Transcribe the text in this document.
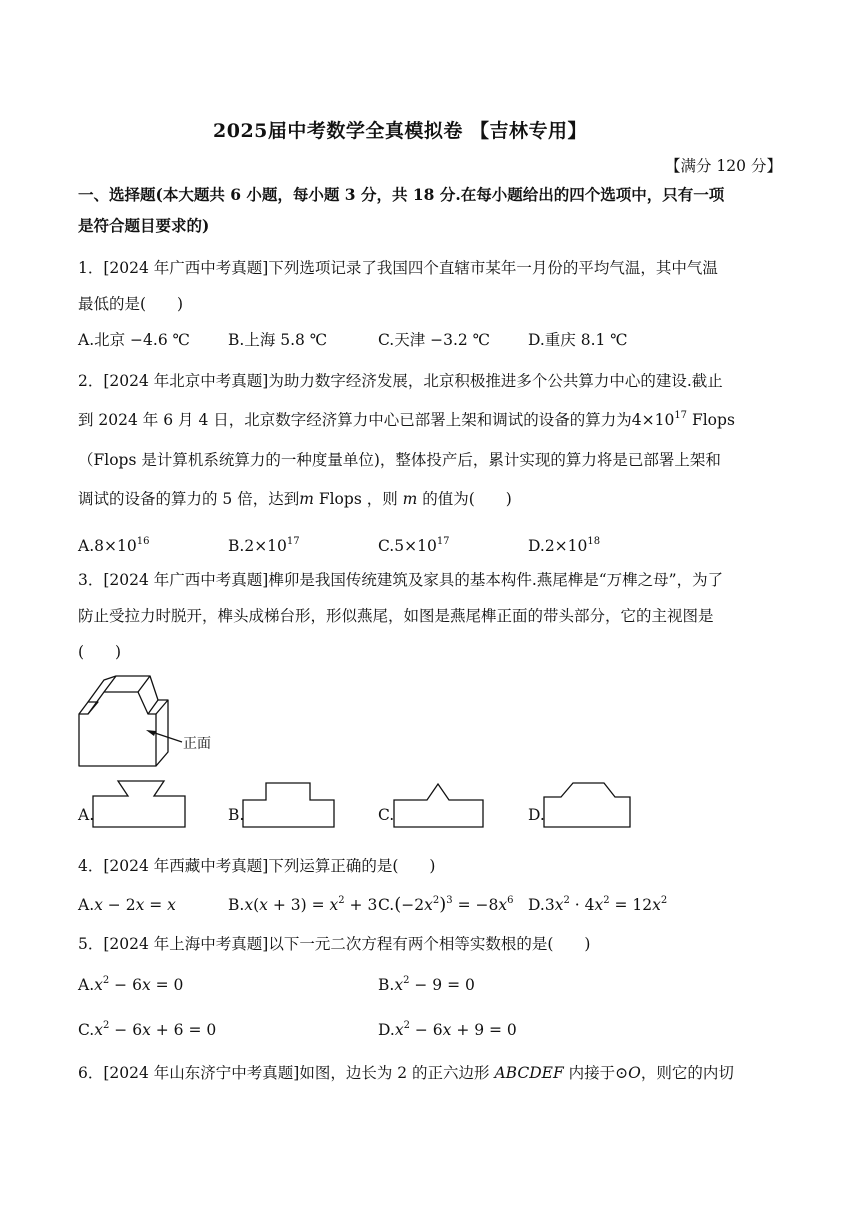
2025届中考数学全真模拟卷 【吉林专用】
【满分 120 分】
一、选择题(本大题共 6 小题，每小题 3 分，共 18 分.在每小题给出的四个选项中，只有一项
是符合题目要求的)
1．[2024 年广西中考真题]下列选项记录了我国四个直辖市某年一月份的平均气温，其中气温
最低的是(　　)
A.北京 −4.6 ℃ B.上海 5.8 ℃	C.天津 −3.2 ℃ D.重庆 8.1 ℃
2．[2024 年北京中考真题]为助力数字经济发展，北京积极推进多个公共算力中心的建设.截止
到 2024 年 6 月 4 日，北京数字经济算力中心已部署上架和调试的设备的算力为$4\times 10^{17}$ Flops
（Flops 是计算机系统算力的一种度量单位)，整体投产后，累计实现的算力将是已部署上架和
调试的设备的算力的 5 倍，达到m Flops ，则 m 的值为(　　)
$A.8\times 10^{16}$	$B.2\times 10^{17}$	$C.5\times 10^{17}$	$D.2\times 10^{18}$
3．[2024 年广西中考真题]榫卯是我国传统建筑及家具的基本构件.燕尾榫是“万榫之母”，为了
防止受拉力时脱开，榫头成梯台形，形似燕尾，如图是燕尾榫正面的带头部分，它的主视图是
(　　)
正面
A.	B.	C.	D.
4．[2024 年西藏中考真题]下列运算正确的是(　　)
A.x − 2x = x	$B.x(x + 3) = x^2 + 3$ $C.(-2x^2)^3 = -8x^6$ $D.3x^2 \cdot 4x^2 = 12x^2$
5．[2024 年上海中考真题]以下一元二次方程有两个相等实数根的是(　　)
$A.x^2 - 6x = 0$	$B.x^2 - 9 = 0$
$C.x^2 - 6x + 6 = 0$	$D.x^2 - 6x + 9 = 0$
6．[2024 年山东济宁中考真题]如图，边长为 2 的正六边形 ABCDEF 内接于⊙O，则它的内切
